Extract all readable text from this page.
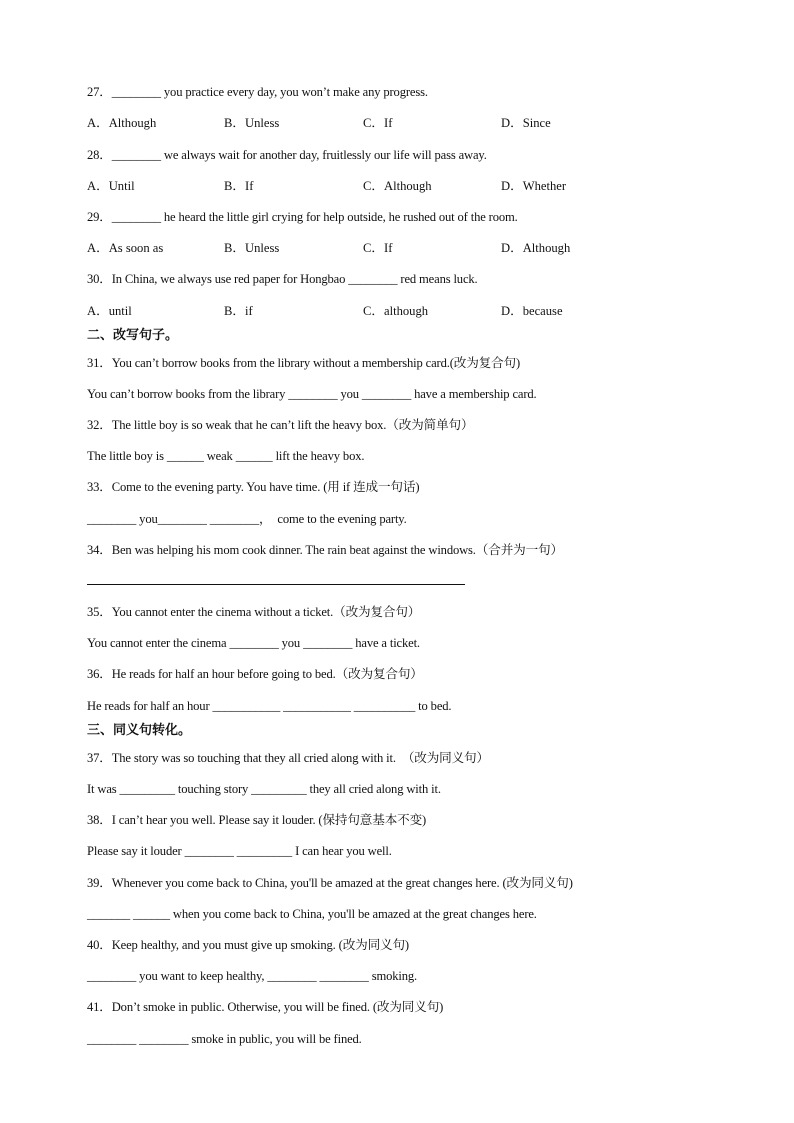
27．________ you practice every day, you won’t make any progress.
A．Although	B．Unless	C．If	D．Since
28．________ we always wait for another day, fruitlessly our life will pass away.
A．Until	B．If	C．Although	D．Whether
29．________ he heard the little girl crying for help outside, he rushed out of the room.
A．As soon as	B．Unless	C．If	D．Although
30．In China, we always use red paper for Hongbao ________ red means luck.
A．until	B．if	C．although	D．because
二、改写句子。
31．You can’t borrow books from the library without a membership card.(改为复合句)
You can’t borrow books from the library ________ you ________ have a membership card.
32．The little boy is so weak that he can’t lift the heavy box.（改为简单句）
The little boy is ______ weak ______ lift the heavy box.
33．Come to the evening party. You have time. (用 if 连成一句话)
________ you________ ________，  come to the evening party.
34．Ben was helping his mom cook dinner. The rain beat against the windows.（合并为一句）
35．You cannot enter the cinema without a ticket.（改为复合句）
You cannot enter the cinema ________ you ________ have a ticket.
36．He reads for half an hour before going to bed.（改为复合句）
He reads for half an hour ___________ ___________ __________ to bed.
三、同义句转化。
37．The story was so touching that they all cried along with it.  （改为同义句）
It was _________ touching story _________ they all cried along with it.
38．I can’t hear you well. Please say it louder. (保持句意基本不变)
Please say it louder ________ _________ I can hear you well.
39．Whenever you come back to China, you'll be amazed at the great changes here. (改为同义句)
_______ ______ when you come back to China, you'll be amazed at the great changes here.
40．Keep healthy, and you must give up smoking. (改为同义句)
________ you want to keep healthy, ________ ________ smoking.
41．Don’t smoke in public. Otherwise, you will be fined. (改为同义句)
________ ________ smoke in public, you will be fined.
